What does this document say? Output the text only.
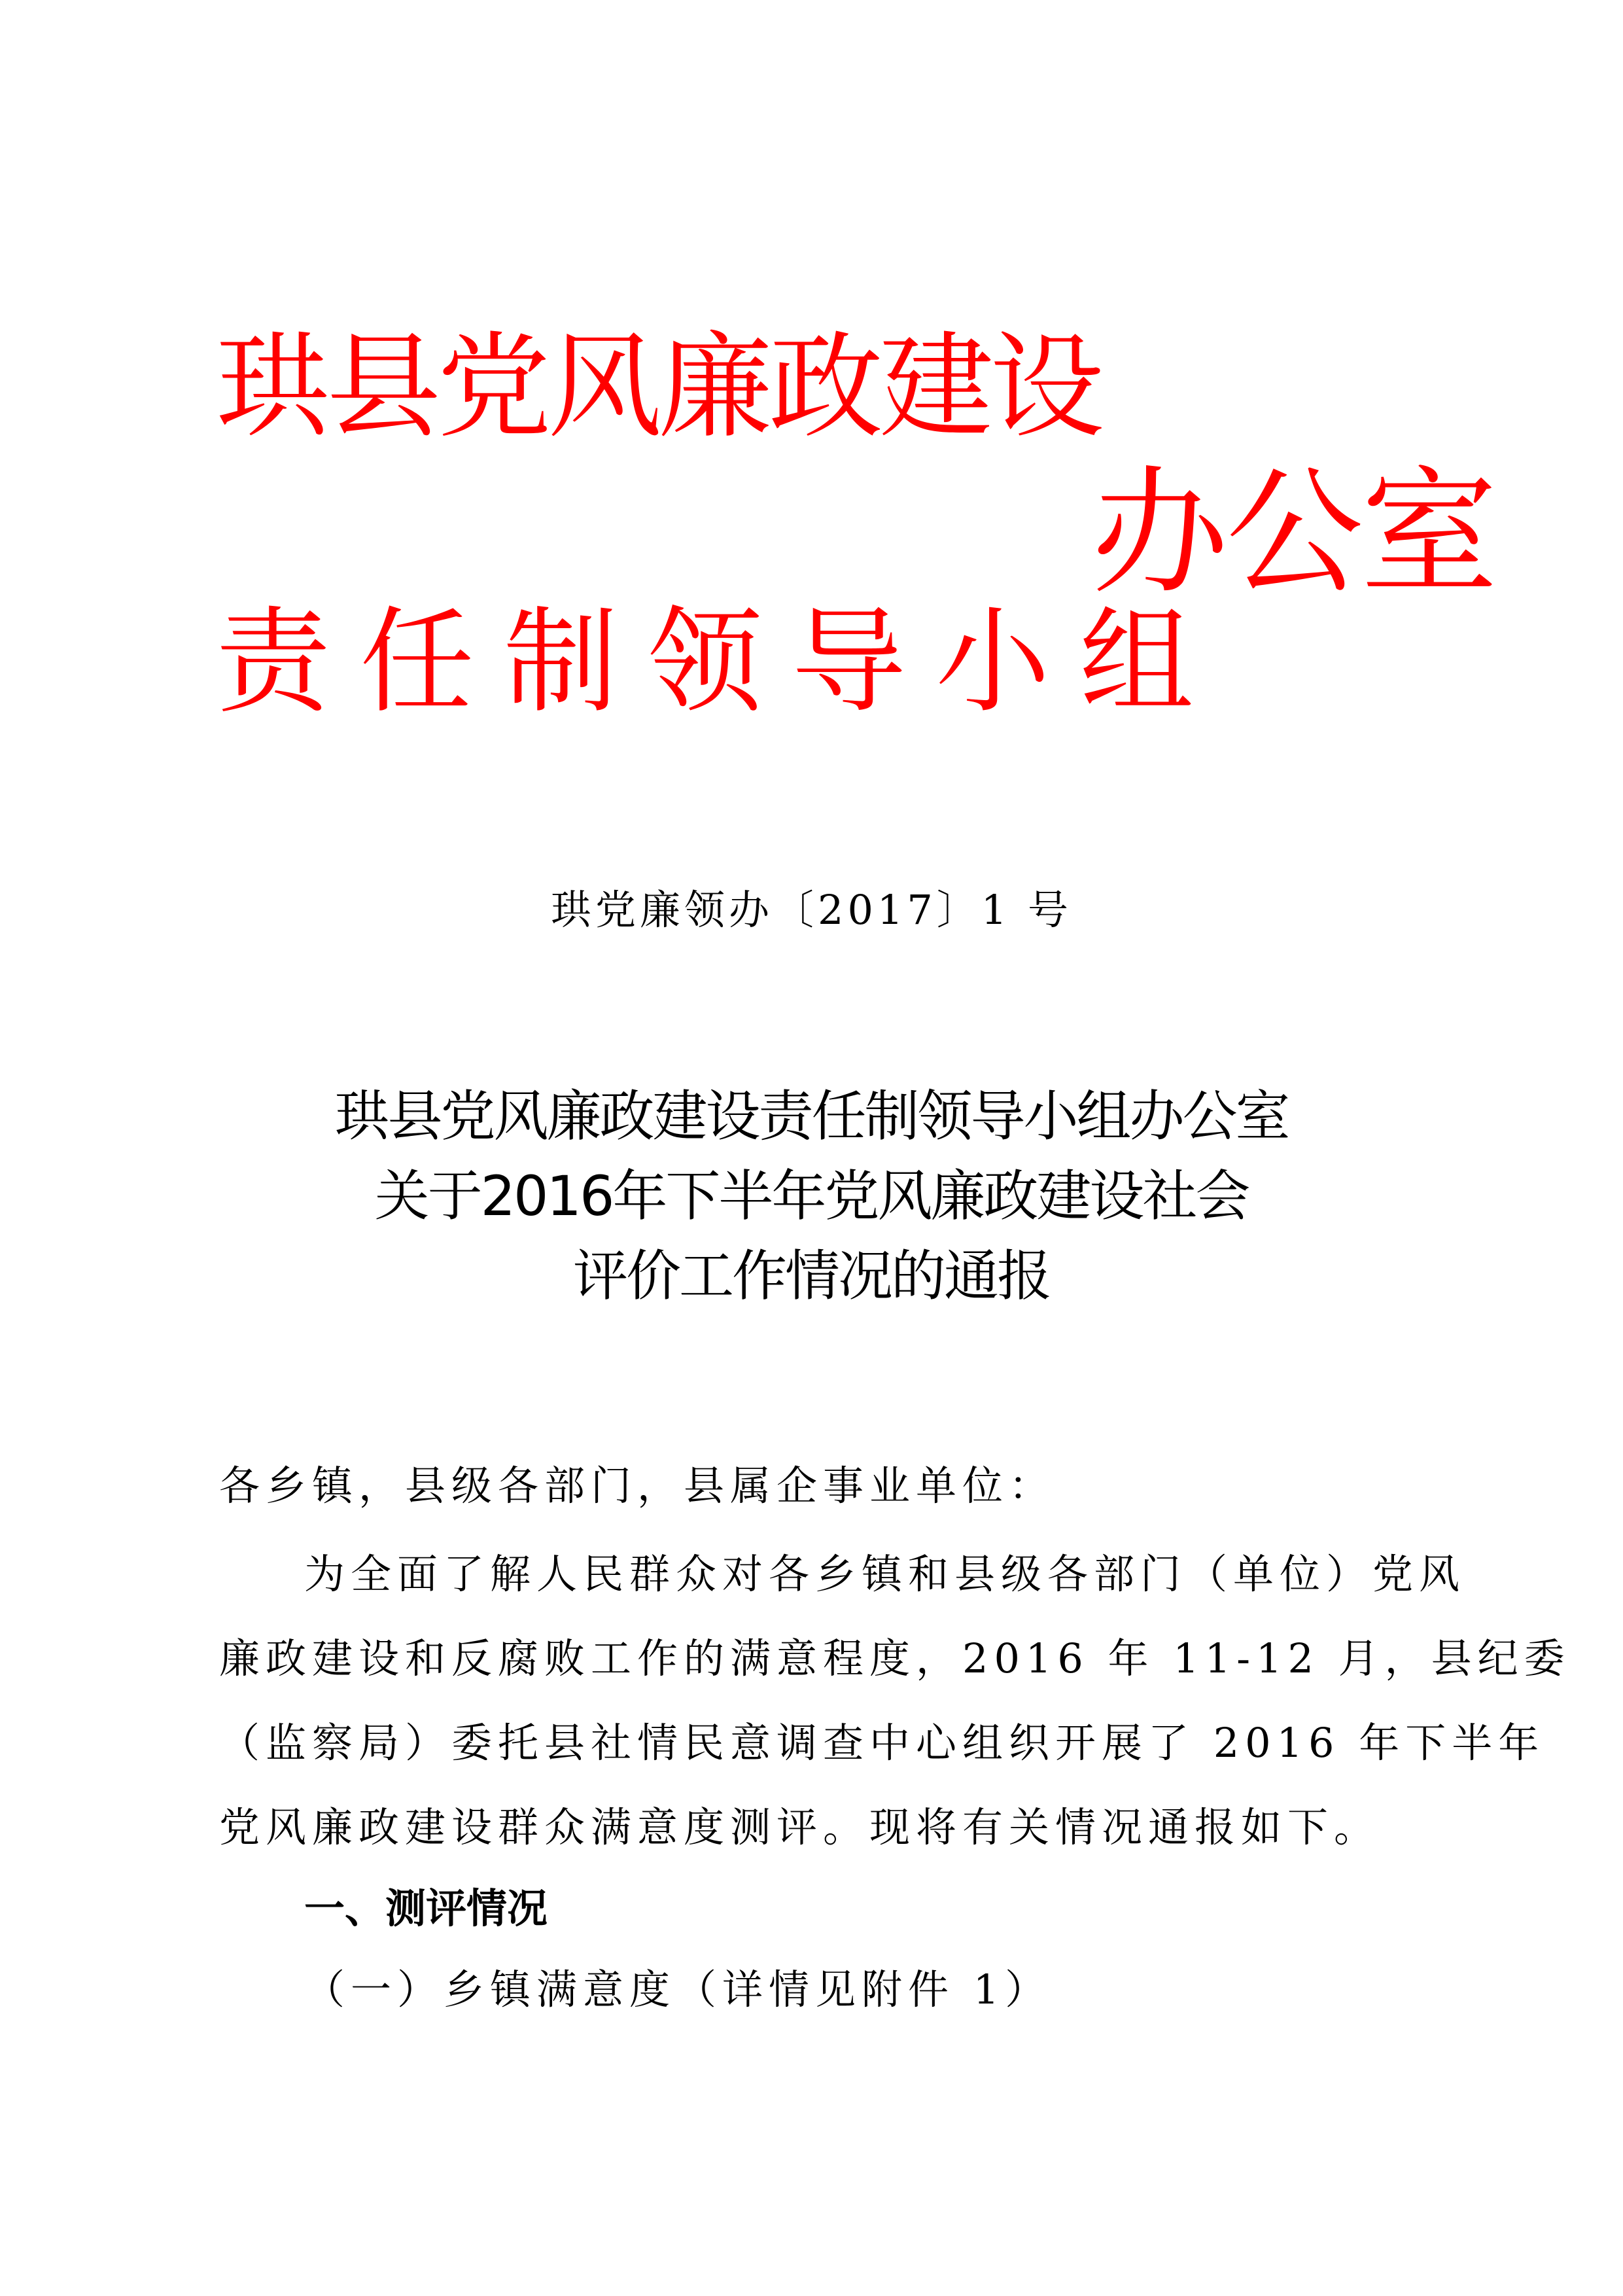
珙县党风廉政建设
责任制领导小组
办公室
珙党廉领办〔2017〕1 号
珙县党风廉政建设责任制领导小组办公室
关于2016年下半年党风廉政建设社会
评价工作情况的通报
各乡镇，县级各部门，县属企事业单位：
为全面了解人民群众对各乡镇和县级各部门（单位）党风
廉政建设和反腐败工作的满意程度，2016 年 11-12 月，县纪委
（监察局）委托县社情民意调查中心组织开展了 2016 年下半年
党风廉政建设群众满意度测评。现将有关情况通报如下。
一、测评情况
（一）乡镇满意度（详情见附件 1）
